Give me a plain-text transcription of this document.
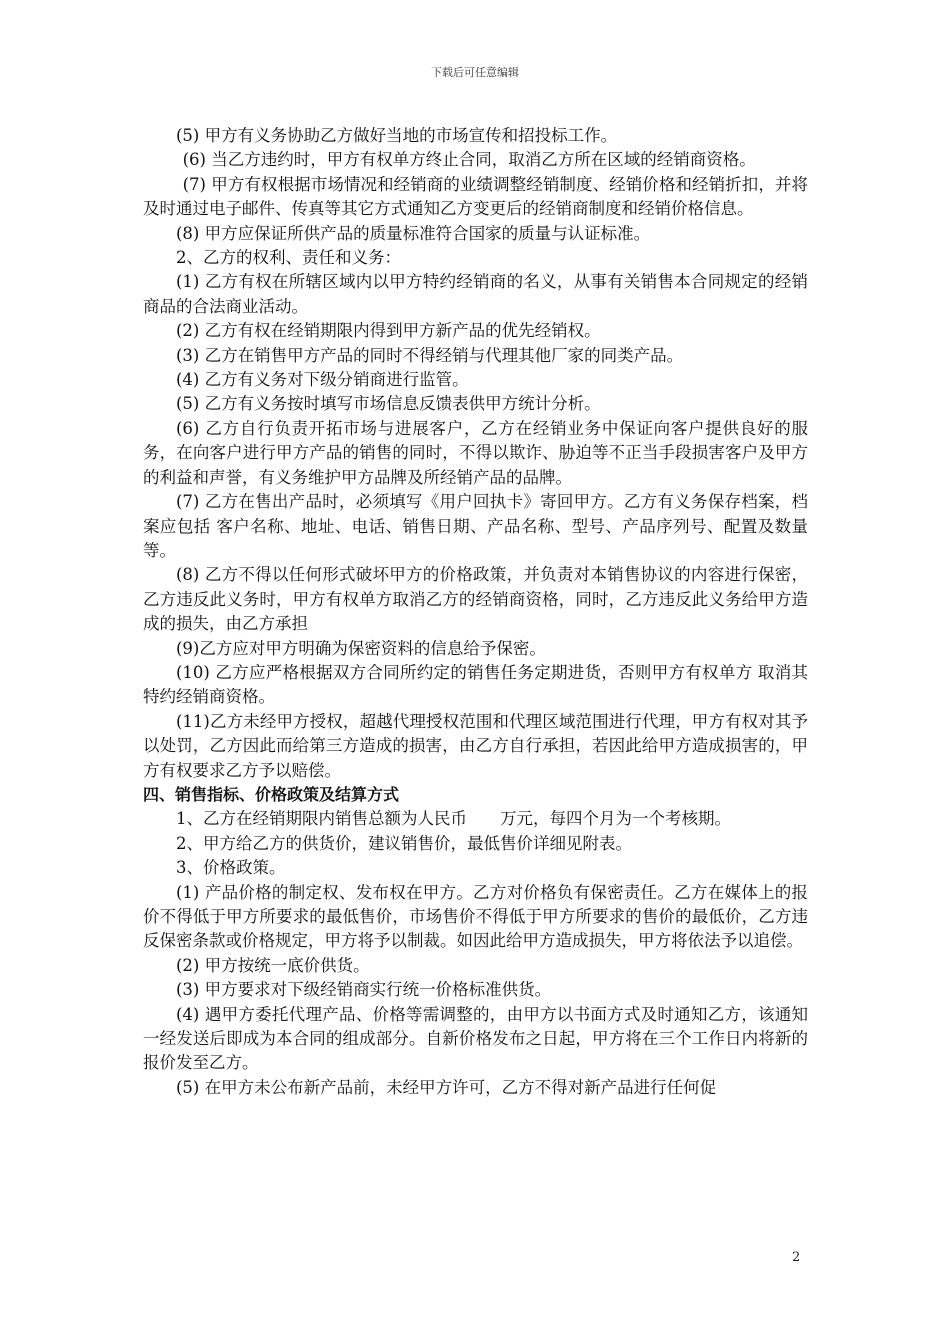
下载后可任意编辑

(5) 甲方有义务协助乙方做好当地的市场宣传和招投标工作。

(6) 当乙方违约时，甲方有权单方终止合同，取消乙方所在区域的经销商资格。

(7) 甲方有权根据市场情况和经销商的业绩调整经销制度、经销价格和经销折扣，并将及时通过电子邮件、传真等其它方式通知乙方变更后的经销商制度和经销价格信息。

(8) 甲方应保证所供产品的质量标准符合国家的质量与认证标准。

2、乙方的权利、责任和义务：

(1) 乙方有权在所辖区域内以甲方特约经销商的名义，从事有关销售本合同规定的经销商品的合法商业活动。

(2) 乙方有权在经销期限内得到甲方新产品的优先经销权。

(3) 乙方在销售甲方产品的同时不得经销与代理其他厂家的同类产品。

(4) 乙方有义务对下级分销商进行监管。

(5) 乙方有义务按时填写市场信息反馈表供甲方统计分析。

(6) 乙方自行负责开拓市场与进展客户，乙方在经销业务中保证向客户提供良好的服务，在向客户进行甲方产品的销售的同时，不得以欺诈、胁迫等不正当手段损害客户及甲方的利益和声誉，有义务维护甲方品牌及所经销产品的品牌。

(7) 乙方在售出产品时，必须填写《用户回执卡》寄回甲方。乙方有义务保存档案，档案应包括 客户名称、地址、电话、销售日期、产品名称、型号、产品序列号、配置及数量等。

(8) 乙方不得以任何形式破坏甲方的价格政策，并负责对本销售协议的内容进行保密，乙方违反此义务时，甲方有权单方取消乙方的经销商资格，同时，乙方违反此义务给甲方造成的损失，由乙方承担

(9)乙方应对甲方明确为保密资料的信息给予保密。

(10) 乙方应严格根据双方合同所约定的销售任务定期进货，否则甲方有权单方 取消其特约经销商资格。

(11)乙方未经甲方授权，超越代理授权范围和代理区域范围进行代理，甲方有权对其予以处罚，乙方因此而给第三方造成的损害，由乙方自行承担，若因此给甲方造成损害的，甲方有权要求乙方予以赔偿。

四、销售指标、价格政策及结算方式

1、乙方在经销期限内销售总额为人民币　　万元，每四个月为一个考核期。

2、甲方给乙方的供货价，建议销售价，最低售价详细见附表。

3、价格政策。

(1) 产品价格的制定权、发布权在甲方。乙方对价格负有保密责任。乙方在媒体上的报价不得低于甲方所要求的最低售价，市场售价不得低于甲方所要求的售价的最低价，乙方违反保密条款或价格规定，甲方将予以制裁。如因此给甲方造成损失，甲方将依法予以追偿。

(2) 甲方按统一底价供货。

(3) 甲方要求对下级经销商实行统一价格标准供货。

(4) 遇甲方委托代理产品、价格等需调整的，由甲方以书面方式及时通知乙方，该通知一经发送后即成为本合同的组成部分。自新价格发布之日起，甲方将在三个工作日内将新的报价发至乙方。

(5) 在甲方未公布新产品前，未经甲方许可，乙方不得对新产品进行任何促

2
